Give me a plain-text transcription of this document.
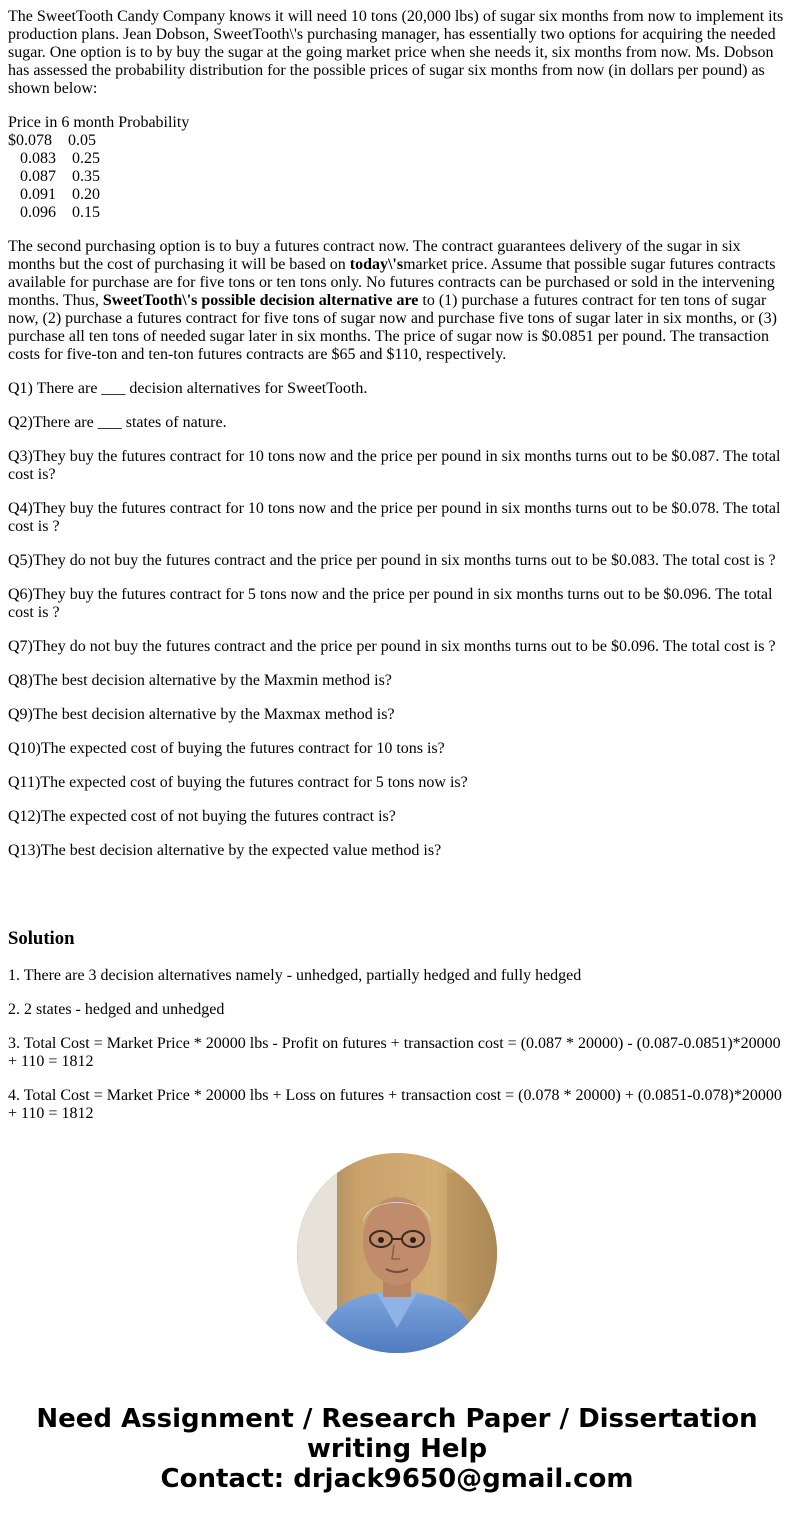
The SweetTooth Candy Company knows it will need 10 tons (20,000 lbs) of sugar six months from now to implement its production plans. Jean Dobson, SweetTooth\'s purchasing manager, has essentially two options for acquiring the needed sugar. One option is to by buy the sugar at the going market price when she needs it, six months from now. Ms. Dobson has assessed the probability distribution for the possible prices of sugar six months from now (in dollars per pound) as shown below:

Price in 6 month Probability
$0.078	0.05
0.083	0.25
0.087	0.35
0.091	0.20
0.096	0.15

The second purchasing option is to buy a futures contract now. The contract guarantees delivery of the sugar in six months but the cost of purchasing it will be based on today\'smarket price. Assume that possible sugar futures contracts available for purchase are for five tons or ten tons only. No futures contracts can be purchased or sold in the intervening months. Thus, SweetTooth\'s possible decision alternative are to (1) purchase a futures contract for ten tons of sugar now, (2) purchase a futures contract for five tons of sugar now and purchase five tons of sugar later in six months, or (3) purchase all ten tons of needed sugar later in six months. The price of sugar now is $0.0851 per pound. The transaction costs for five-ton and ten-ton futures contracts are $65 and $110, respectively.

Q1) There are ___ decision alternatives for SweetTooth.

Q2)There are ___ states of nature.

Q3)They buy the futures contract for 10 tons now and the price per pound in six months turns out to be $0.087. The total cost is?

Q4)They buy the futures contract for 10 tons now and the price per pound in six months turns out to be $0.078. The total cost is ?

Q5)They do not buy the futures contract and the price per pound in six months turns out to be $0.083. The total cost is ?

Q6)They buy the futures contract for 5 tons now and the price per pound in six months turns out to be $0.096. The total cost is ?

Q7)They do not buy the futures contract and the price per pound in six months turns out to be $0.096. The total cost is ?

Q8)The best decision alternative by the Maxmin method is?

Q9)The best decision alternative by the Maxmax method is?

Q10)The expected cost of buying the futures contract for 10 tons is?

Q11)The expected cost of buying the futures contract for 5 tons now is?

Q12)The expected cost of not buying the futures contract is?

Q13)The best decision alternative by the expected value method is?

Solution

1. There are 3 decision alternatives namely - unhedged, partially hedged and fully hedged

2. 2 states - hedged and unhedged

3. Total Cost = Market Price * 20000 lbs - Profit on futures + transaction cost = (0.087 * 20000) - (0.087-0.0851)*20000 + 110 = 1812

4. Total Cost = Market Price * 20000 lbs + Loss on futures + transaction cost = (0.078 * 20000) + (0.0851-0.078)*20000 + 110 = 1812

Need Assignment / Research Paper / Dissertation
writing Help
Contact: drjack9650@gmail.com
